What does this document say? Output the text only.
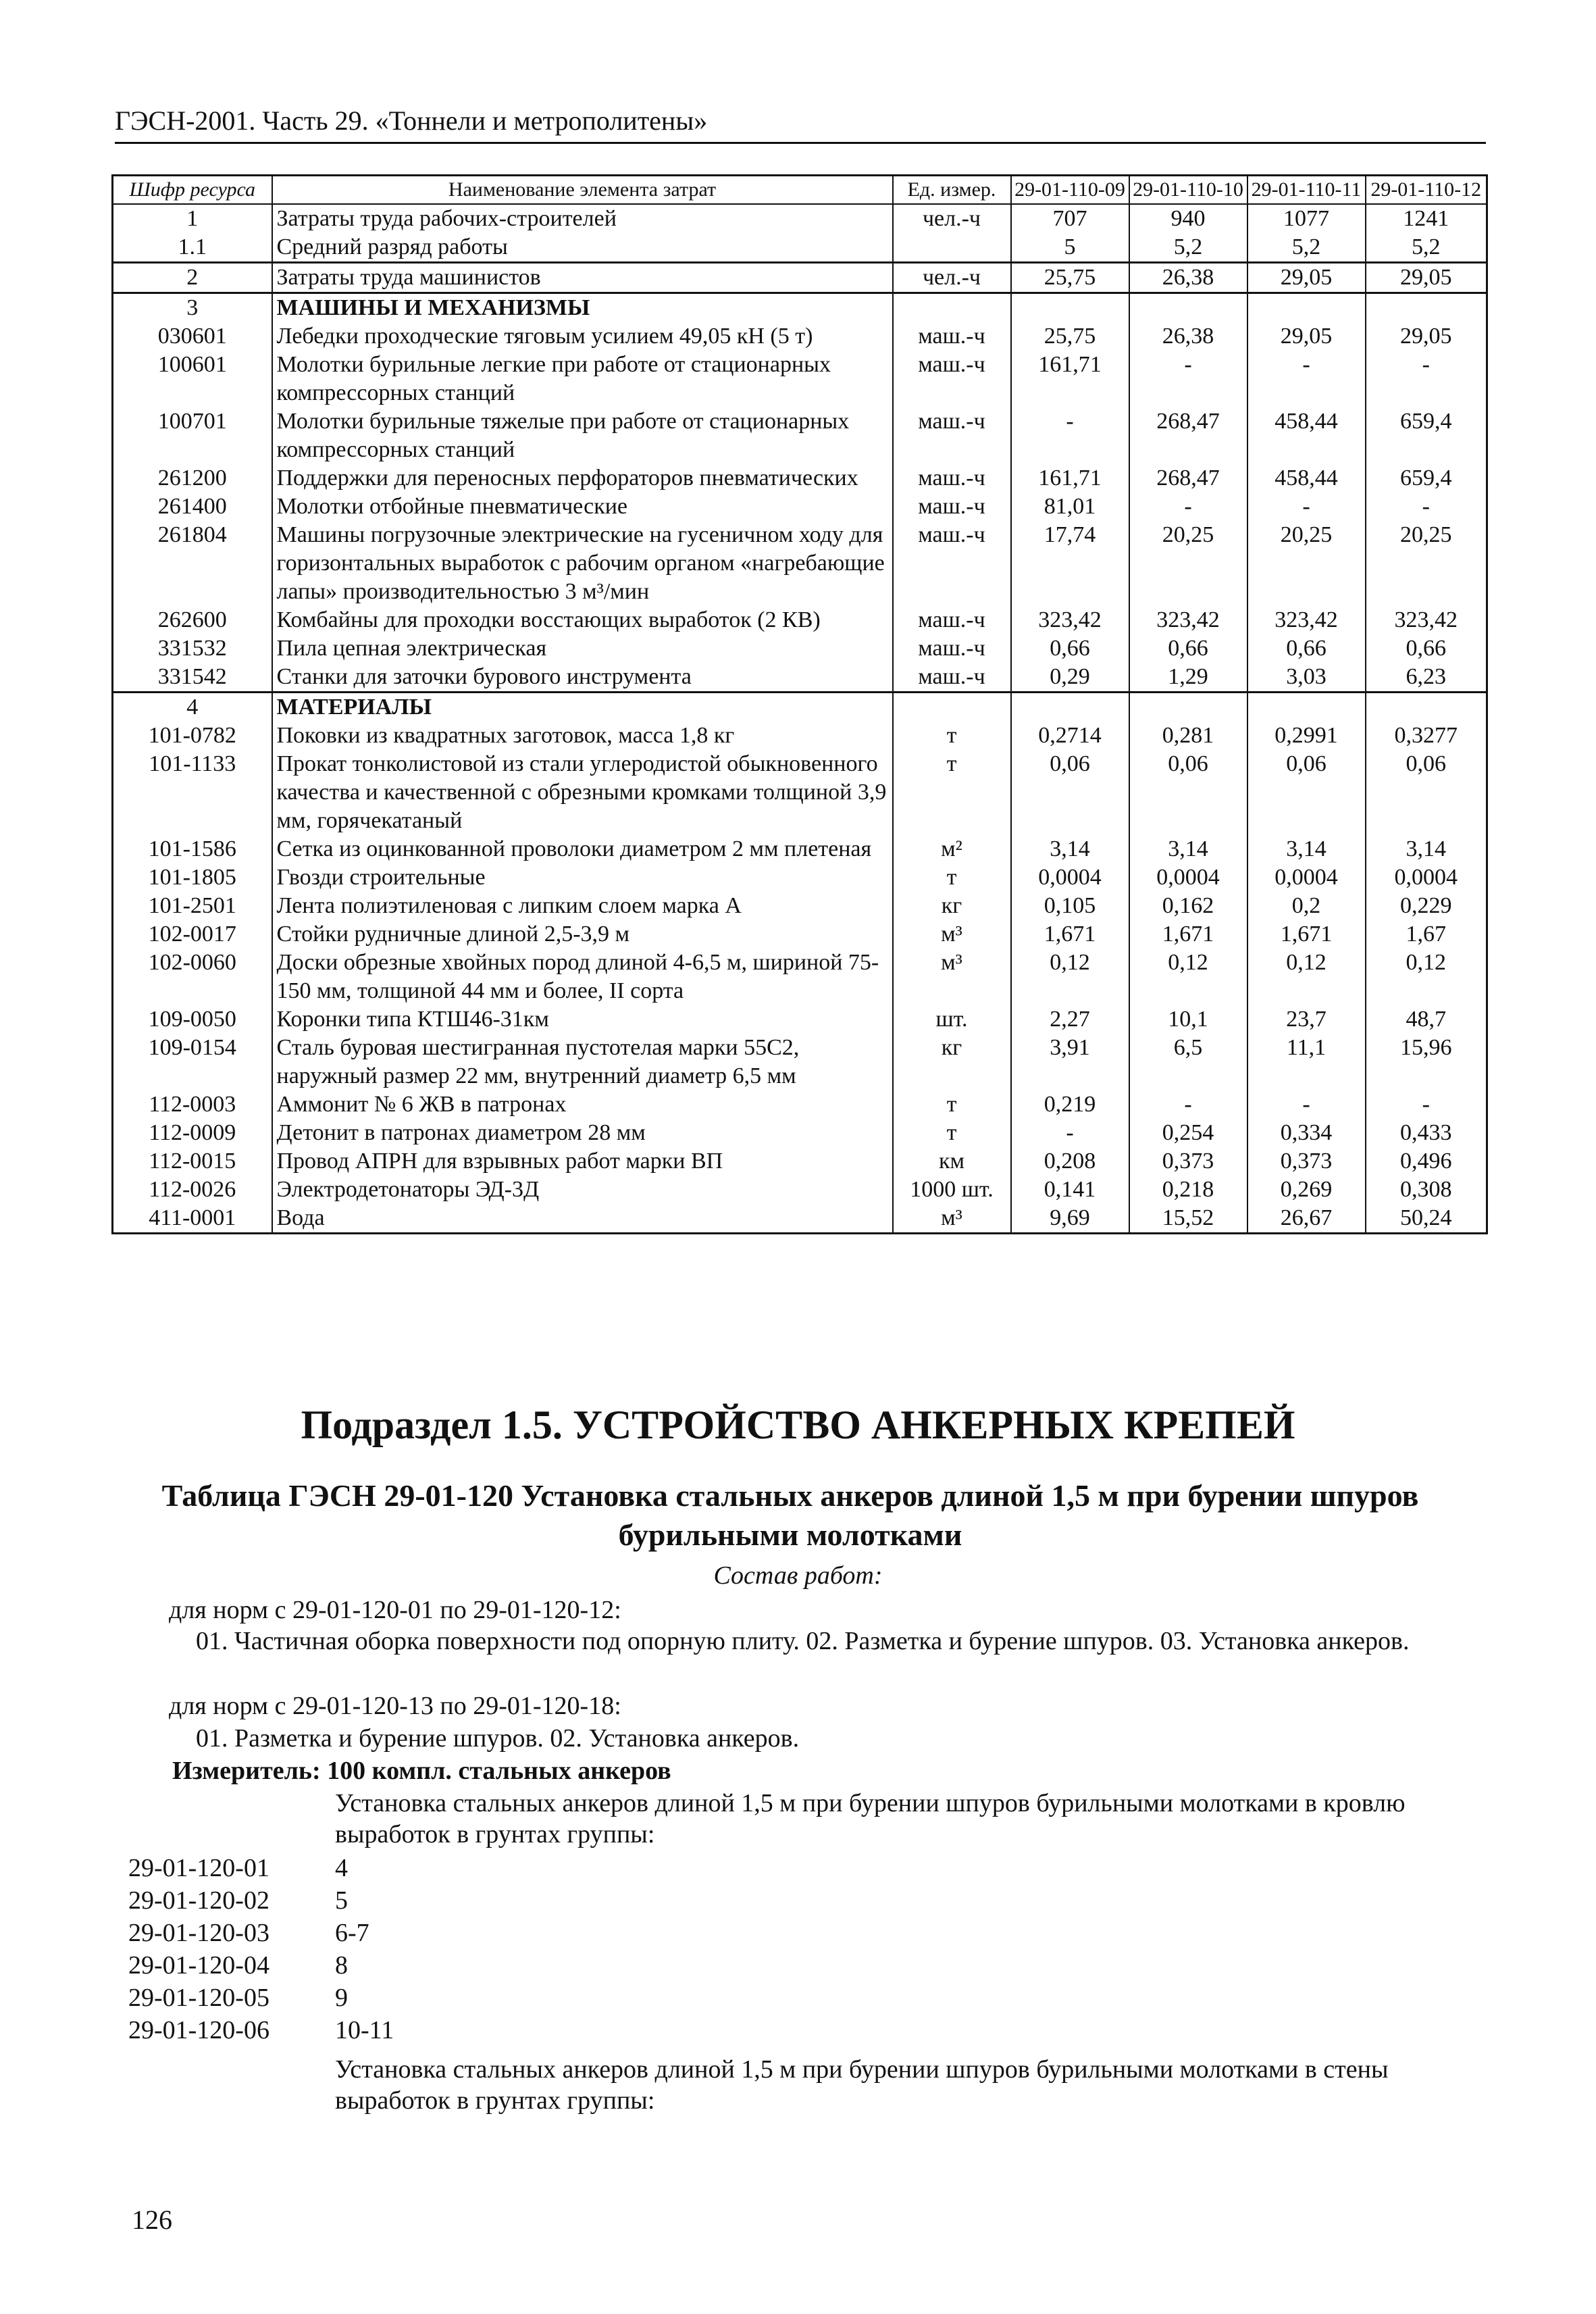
ГЭСН-2001. Часть 29. «Тоннели и метрополитены»
Шифр ресурса	Наименование элемента затрат	Ед. измер.	29-01-110-09	29-01-110-10	29-01-110-11	29-01-110-12
1	Затраты труда рабочих-строителей	чел.-ч	707	940	1077	1241
1.1	Средний разряд работы		5	5,2	5,2	5,2
2	Затраты труда машинистов	чел.-ч	25,75	26,38	29,05	29,05
3	МАШИНЫ И МЕХАНИЗМЫ					
030601	Лебедки проходческие тяговым усилием 49,05 кН (5 т)	маш.-ч	25,75	26,38	29,05	29,05
100601	Молотки бурильные легкие при работе от стационарных компрессорных станций	маш.-ч	161,71	-	-	-
100701	Молотки бурильные тяжелые при работе от стационарных компрессорных станций	маш.-ч	-	268,47	458,44	659,4
261200	Поддержки для переносных перфораторов пневматических	маш.-ч	161,71	268,47	458,44	659,4
261400	Молотки отбойные пневматические	маш.-ч	81,01	-	-	-
261804	Машины погрузочные электрические на гусеничном ходу для горизонтальных выработок с рабочим органом «нагребающие лапы» производительностью 3 м³/мин	маш.-ч	17,74	20,25	20,25	20,25
262600	Комбайны для проходки восстающих выработок (2 КВ)	маш.-ч	323,42	323,42	323,42	323,42
331532	Пила цепная электрическая	маш.-ч	0,66	0,66	0,66	0,66
331542	Станки для заточки бурового инструмента	маш.-ч	0,29	1,29	3,03	6,23
4	МАТЕРИАЛЫ					
101-0782	Поковки из квадратных заготовок, масса 1,8 кг	т	0,2714	0,281	0,2991	0,3277
101-1133	Прокат тонколистовой из стали углеродистой обыкновенного качества и качественной с обрезными кромками толщиной 3,9 мм, горячекатаный	т	0,06	0,06	0,06	0,06
101-1586	Сетка из оцинкованной проволоки диаметром 2 мм плетеная	м²	3,14	3,14	3,14	3,14
101-1805	Гвозди строительные	т	0,0004	0,0004	0,0004	0,0004
101-2501	Лента полиэтиленовая с липким слоем марка А	кг	0,105	0,162	0,2	0,229
102-0017	Стойки рудничные длиной 2,5-3,9 м	м³	1,671	1,671	1,671	1,67
102-0060	Доски обрезные хвойных пород длиной 4-6,5 м, шириной 75-150 мм, толщиной 44 мм и более, II сорта	м³	0,12	0,12	0,12	0,12
109-0050	Коронки типа КТШ46-31км	шт.	2,27	10,1	23,7	48,7
109-0154	Сталь буровая шестигранная пустотелая марки 55С2, наружный размер 22 мм, внутренний диаметр 6,5 мм	кг	3,91	6,5	11,1	15,96
112-0003	Аммонит № 6 ЖВ в патронах	т	0,219	-	-	-
112-0009	Детонит в патронах диаметром 28 мм	т	-	0,254	0,334	0,433
112-0015	Провод АПРН для взрывных работ марки ВП	км	0,208	0,373	0,373	0,496
112-0026	Электродетонаторы ЭД-3Д	1000 шт.	0,141	0,218	0,269	0,308
411-0001	Вода	м³	9,69	15,52	26,67	50,24
Подраздел 1.5. УСТРОЙСТВО АНКЕРНЫХ КРЕПЕЙ
Таблица ГЭСН 29-01-120 Установка стальных анкеров длиной 1,5 м при бурении шпуров бурильными молотками
Состав работ:
для норм с 29-01-120-01 по 29-01-120-12:
01. Частичная оборка поверхности под опорную плиту. 02. Разметка и бурение шпуров. 03. Установка анкеров.
для норм с 29-01-120-13 по 29-01-120-18:
01. Разметка и бурение шпуров. 02. Установка анкеров.
Измеритель: 100 компл. стальных анкеров
Установка стальных анкеров длиной 1,5 м при бурении шпуров бурильными молотками в кровлю выработок в грунтах группы:
29-01-120-01	4
29-01-120-02	5
29-01-120-03	6-7
29-01-120-04	8
29-01-120-05	9
29-01-120-06	10-11
Установка стальных анкеров длиной 1,5 м при бурении шпуров бурильными молотками в стены выработок в грунтах группы:
126
